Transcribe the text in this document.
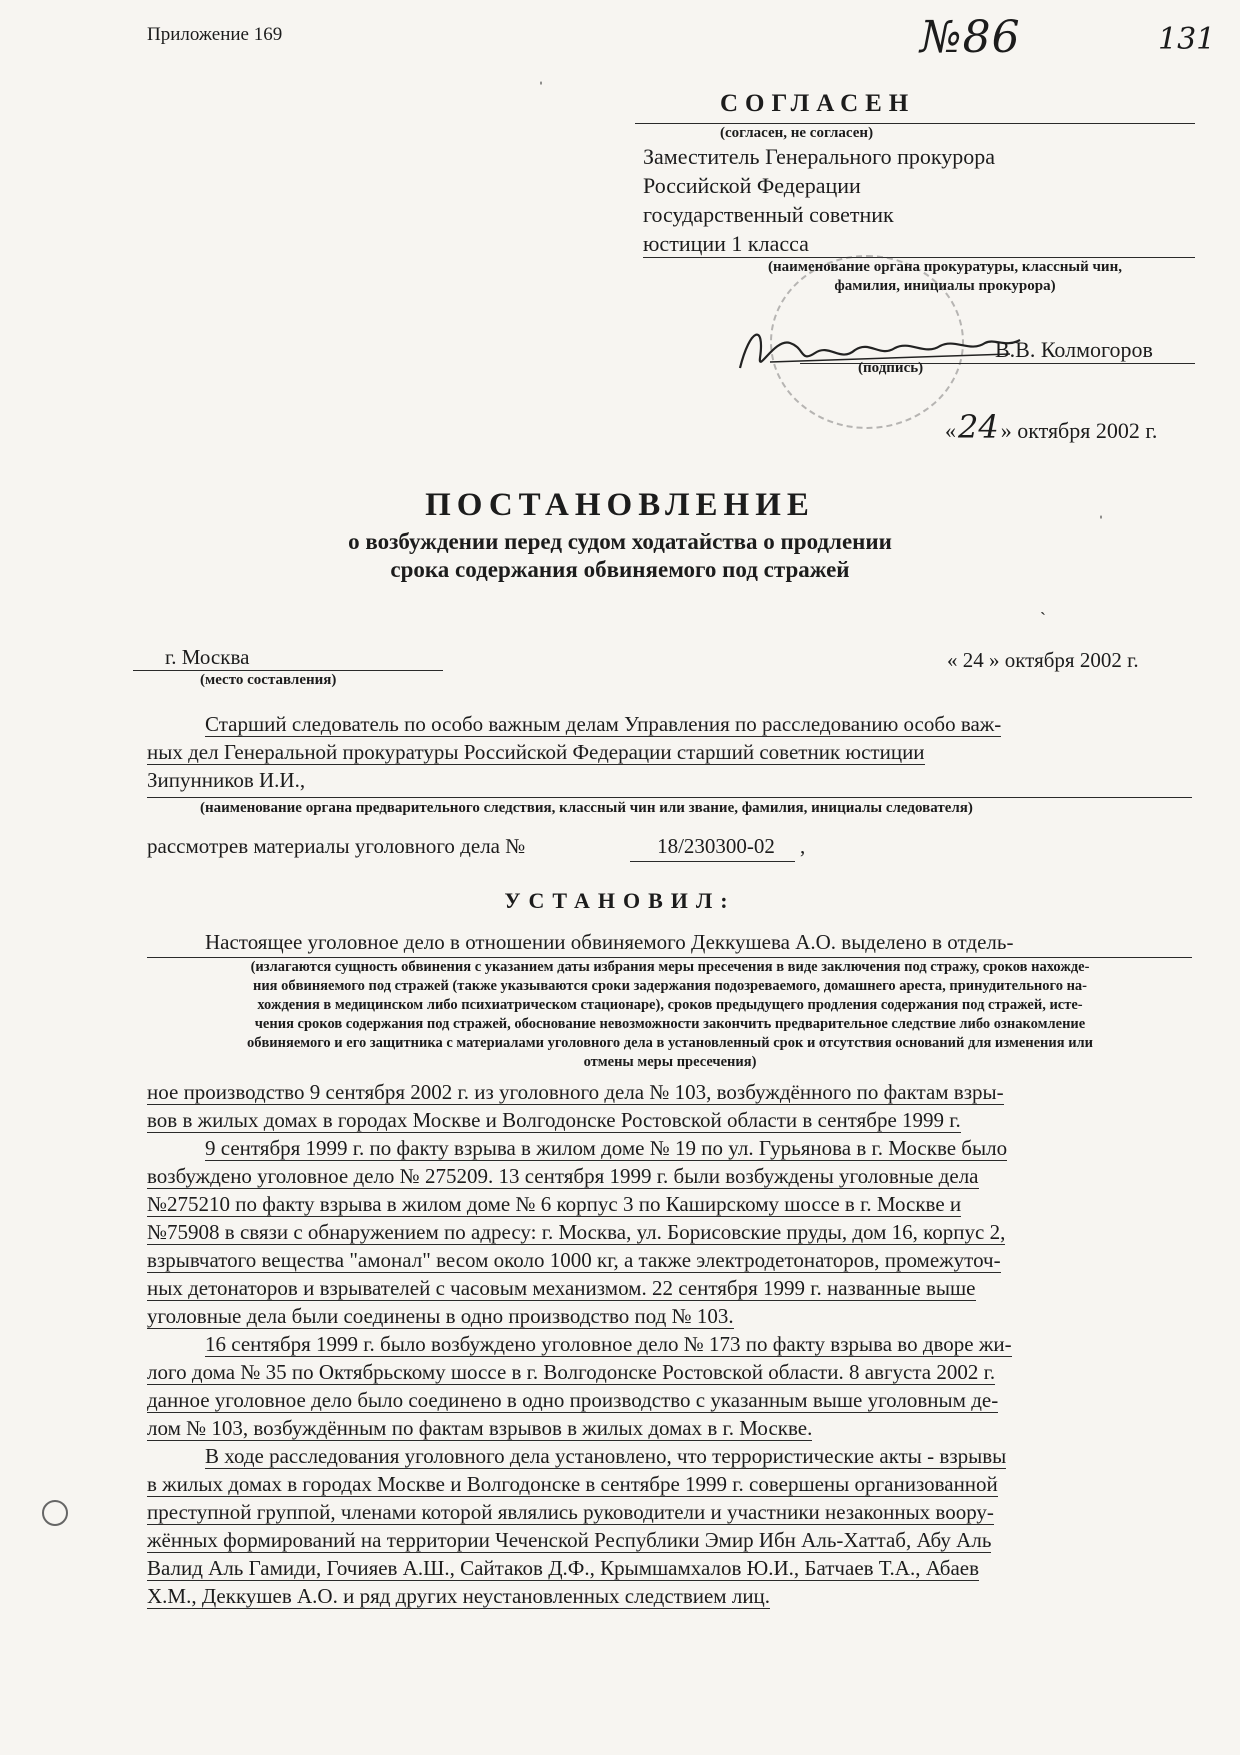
Приложение 169	№86	131
ˈ
ˈ
ˏ
СОГЛАСЕН
(согласен, не согласен)
Заместитель Генерального прокурора
Российской Федерации
государственный советник
юстиции 1 класса
(наименование органа прокуратуры, классный чин,
фамилия, инициалы прокурора)
В.В. Колмогоров
(подпись)
«24» октября 2002 г.
ПОСТАНОВЛЕНИЕ
о возбуждении перед судом ходатайства о продлении
срока содержания обвиняемого под стражей
г. Москва
(место составления)
« 24 » октября 2002 г.
Старший следователь по особо важным делам Управления по расследованию особо важ-
ных дел Генеральной прокуратуры Российской Федерации старший советник юстиции
Зипунников И.И.,
(наименование органа предварительного следствия, классный чин или звание, фамилия, инициалы следователя)
рассмотрев материалы уголовного дела №	18/230300-02	,
УСТАНОВИЛ:
Настоящее уголовное дело в отношении обвиняемого Деккушева А.О. выделено в отдель-
(излагаются сущность обвинения с указанием даты избрания меры пресечения в виде заключения под стражу, сроков нахожде-
ния обвиняемого под стражей (также указываются сроки задержания подозреваемого, домашнего ареста, принудительного на-
хождения в медицинском либо психиатрическом стационаре), сроков предыдущего продления содержания под стражей, исте-
чения сроков содержания под стражей, обоснование невозможности закончить предварительное следствие либо ознакомление
обвиняемого и его защитника с материалами уголовного дела в установленный срок и отсутствия оснований для изменения или
отмены меры пресечения)

ное производство 9 сентября 2002 г. из уголовного дела № 103, возбуждённого по фактам взры-
вов в жилых домах в городах Москве и Волгодонске Ростовской области в сентябре 1999 г.

9 сентября 1999 г. по факту взрыва в жилом доме № 19 по ул. Гурьянова в г. Москве было
возбуждено уголовное дело № 275209. 13 сентября 1999 г. были возбуждены уголовные дела
№275210 по факту взрыва в жилом доме № 6 корпус 3 по Каширскому шоссе в г. Москве и
№75908 в связи с обнаружением по адресу: г. Москва, ул. Борисовские пруды, дом 16, корпус 2,
взрывчатого вещества "амонал" весом около 1000 кг, а также электродетонаторов, промежуточ-
ных детонаторов и взрывателей с часовым механизмом. 22 сентября 1999 г. названные выше
уголовные дела были соединены в одно производство под № 103.

16 сентября 1999 г. было возбуждено уголовное дело № 173 по факту взрыва во дворе жи-
лого дома № 35 по Октябрьскому шоссе в г. Волгодонске Ростовской области. 8 августа 2002 г.
данное уголовное дело было соединено в одно производство с указанным выше уголовным де-
лом № 103, возбуждённым по фактам взрывов в жилых домах в г. Москве.

В ходе расследования уголовного дела установлено, что террористические акты - взрывы
в жилых домах в городах Москве и Волгодонске в сентябре 1999 г. совершены организованной
преступной группой, членами которой являлись руководители и участники незаконных воору-
жённых формирований на территории Чеченской Республики Эмир Ибн Аль-Хаттаб, Абу Аль
Валид Аль Гамиди, Гочияев А.Ш., Сайтаков Д.Ф., Крымшамхалов Ю.И., Батчаев Т.А., Абаев
Х.М., Деккушев А.О. и ряд других неустановленных следствием лиц.
